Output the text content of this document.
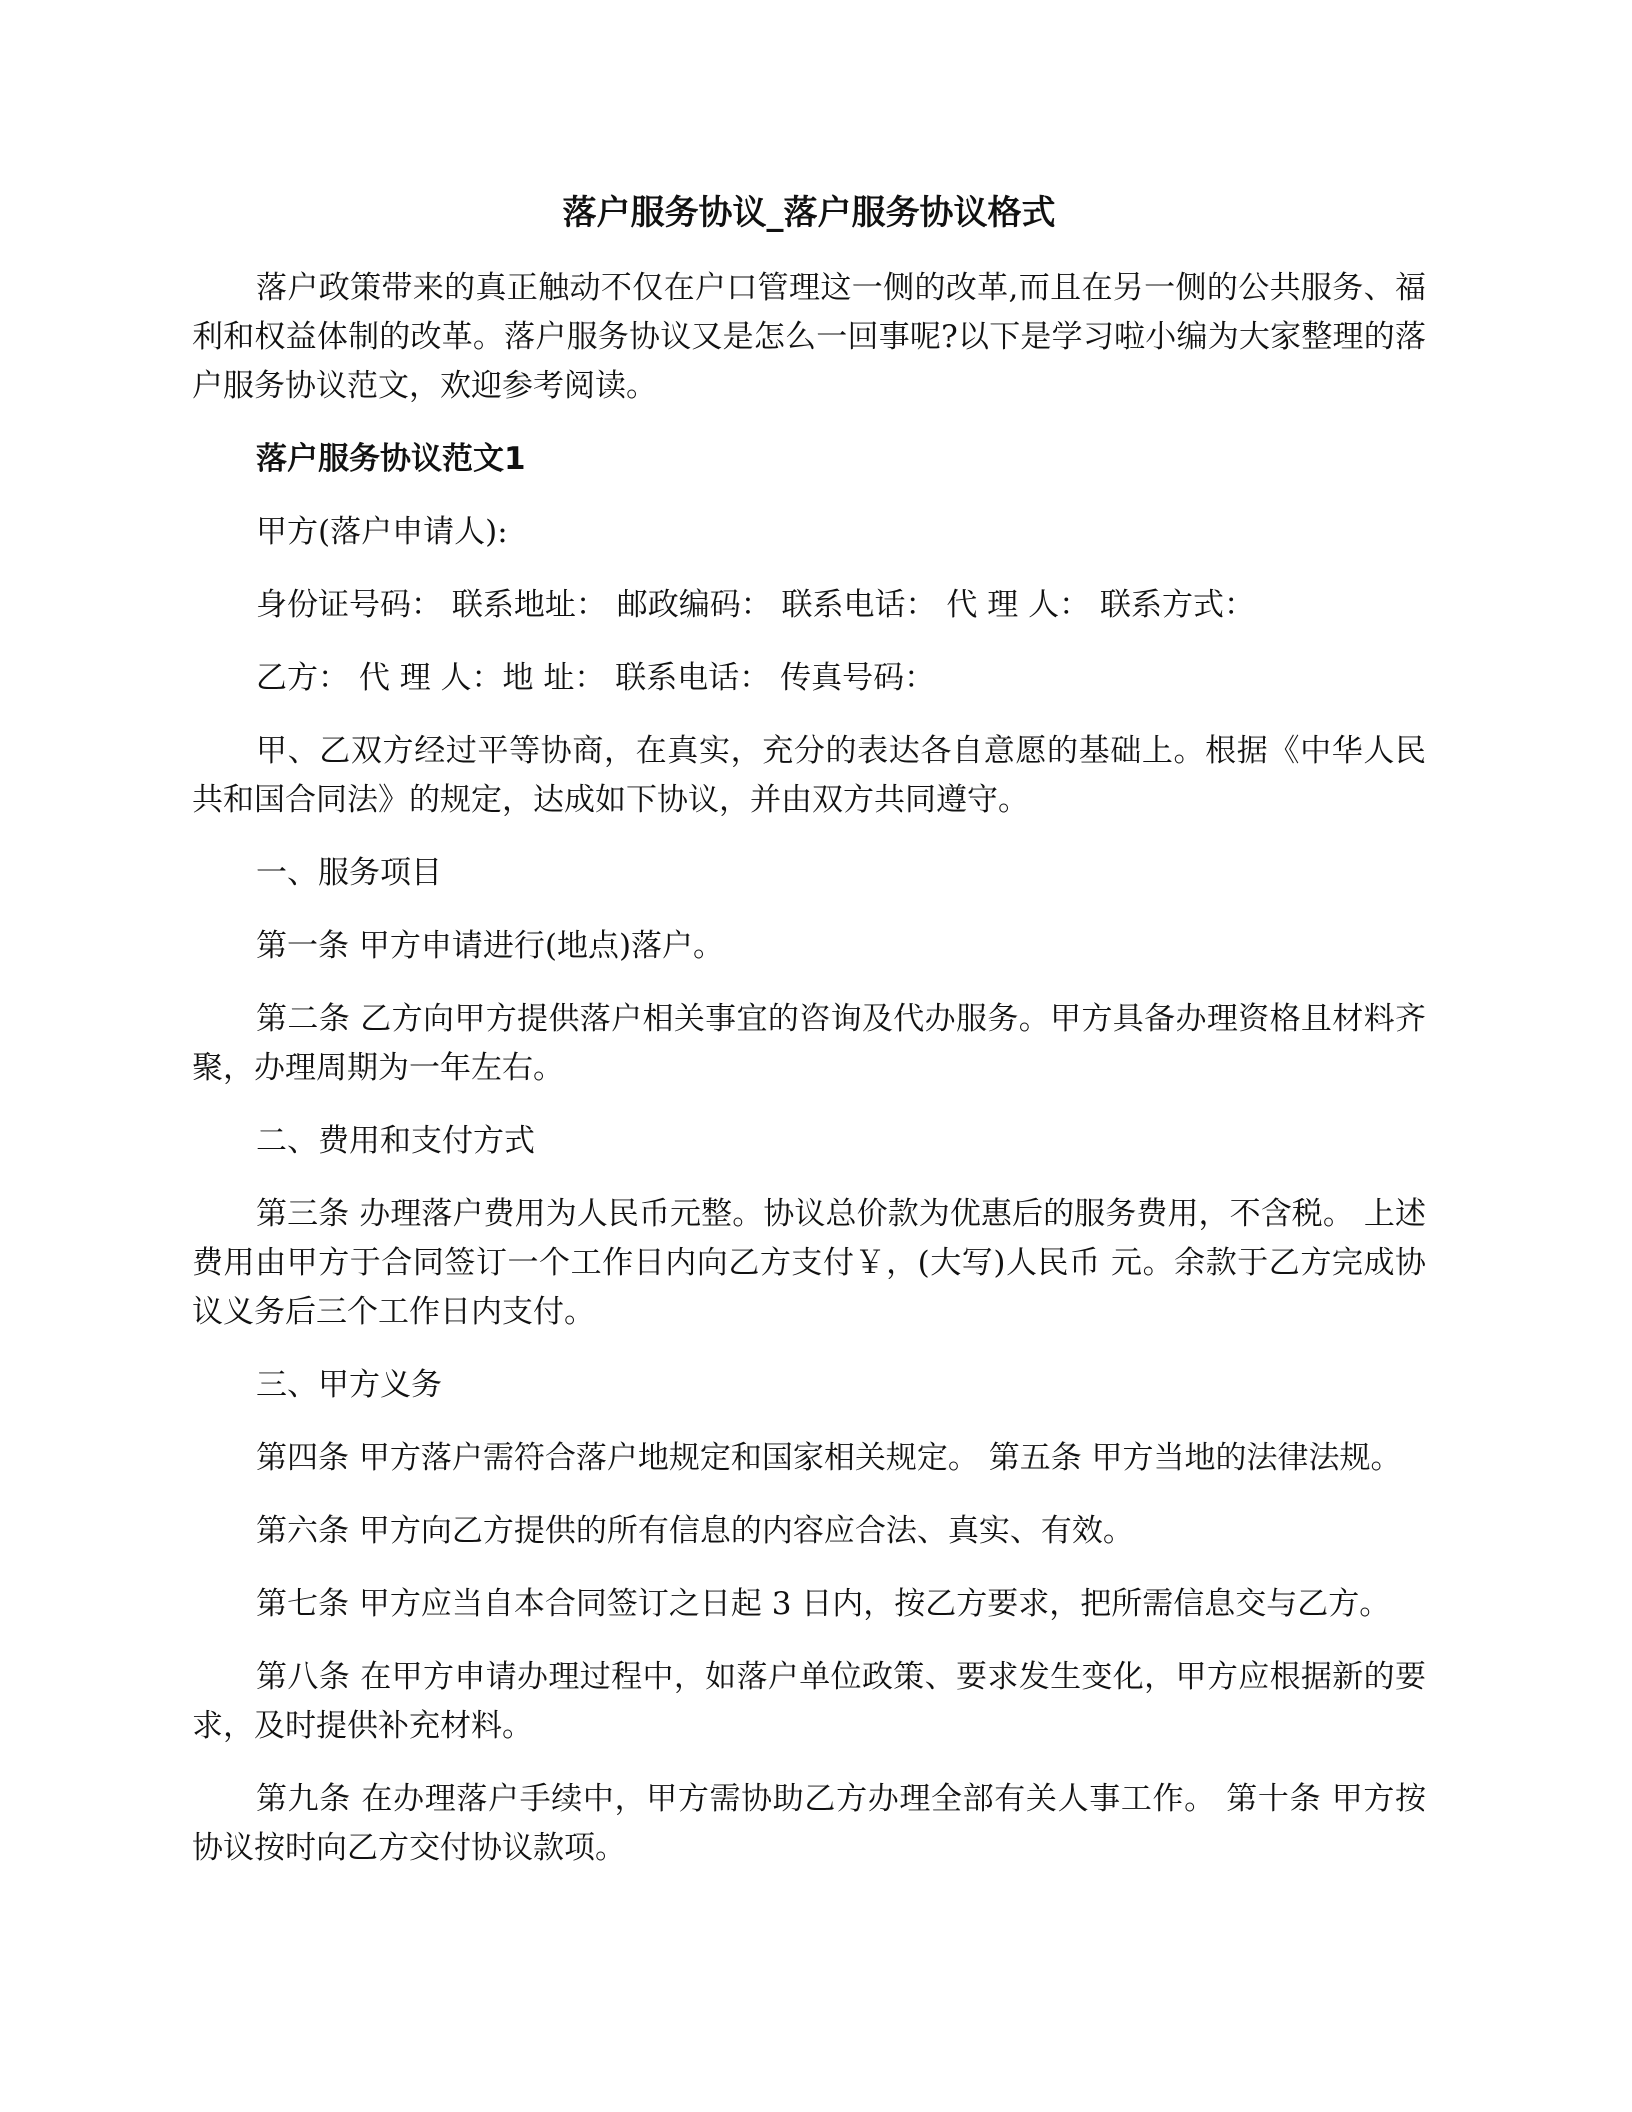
落户服务协议_落户服务协议格式

落户政策带来的真正触动不仅在户口管理这一侧的改革,而且在另一侧的公共服务、福利和权益体制的改革。落户服务协议又是怎么一回事呢?以下是学习啦小编为大家整理的落户服务协议范文，欢迎参考阅读。

落户服务协议范文1

甲方(落户申请人):

身份证号码： 联系地址： 邮政编码： 联系电话： 代 理 人： 联系方式：

乙方： 代 理 人：地 址： 联系电话： 传真号码：

甲、乙双方经过平等协商，在真实，充分的表达各自意愿的基础上。根据《中华人民共和国合同法》的规定，达成如下协议，并由双方共同遵守。

一、服务项目

第一条 甲方申请进行(地点)落户。

第二条 乙方向甲方提供落户相关事宜的咨询及代办服务。甲方具备办理资格且材料齐聚，办理周期为一年左右。

二、费用和支付方式

第三条 办理落户费用为人民币元整。协议总价款为优惠后的服务费用，不含税。 上述费用由甲方于合同签订一个工作日内向乙方支付￥，(大写)人民币 元。余款于乙方完成协议义务后三个工作日内支付。

三、甲方义务

第四条 甲方落户需符合落户地规定和国家相关规定。 第五条 甲方当地的法律法规。

第六条 甲方向乙方提供的所有信息的内容应合法、真实、有效。

第七条 甲方应当自本合同签订之日起 3 日内，按乙方要求，把所需信息交与乙方。

第八条 在甲方申请办理过程中，如落户单位政策、要求发生变化，甲方应根据新的要求，及时提供补充材料。

第九条 在办理落户手续中，甲方需协助乙方办理全部有关人事工作。 第十条 甲方按协议按时向乙方交付协议款项。
